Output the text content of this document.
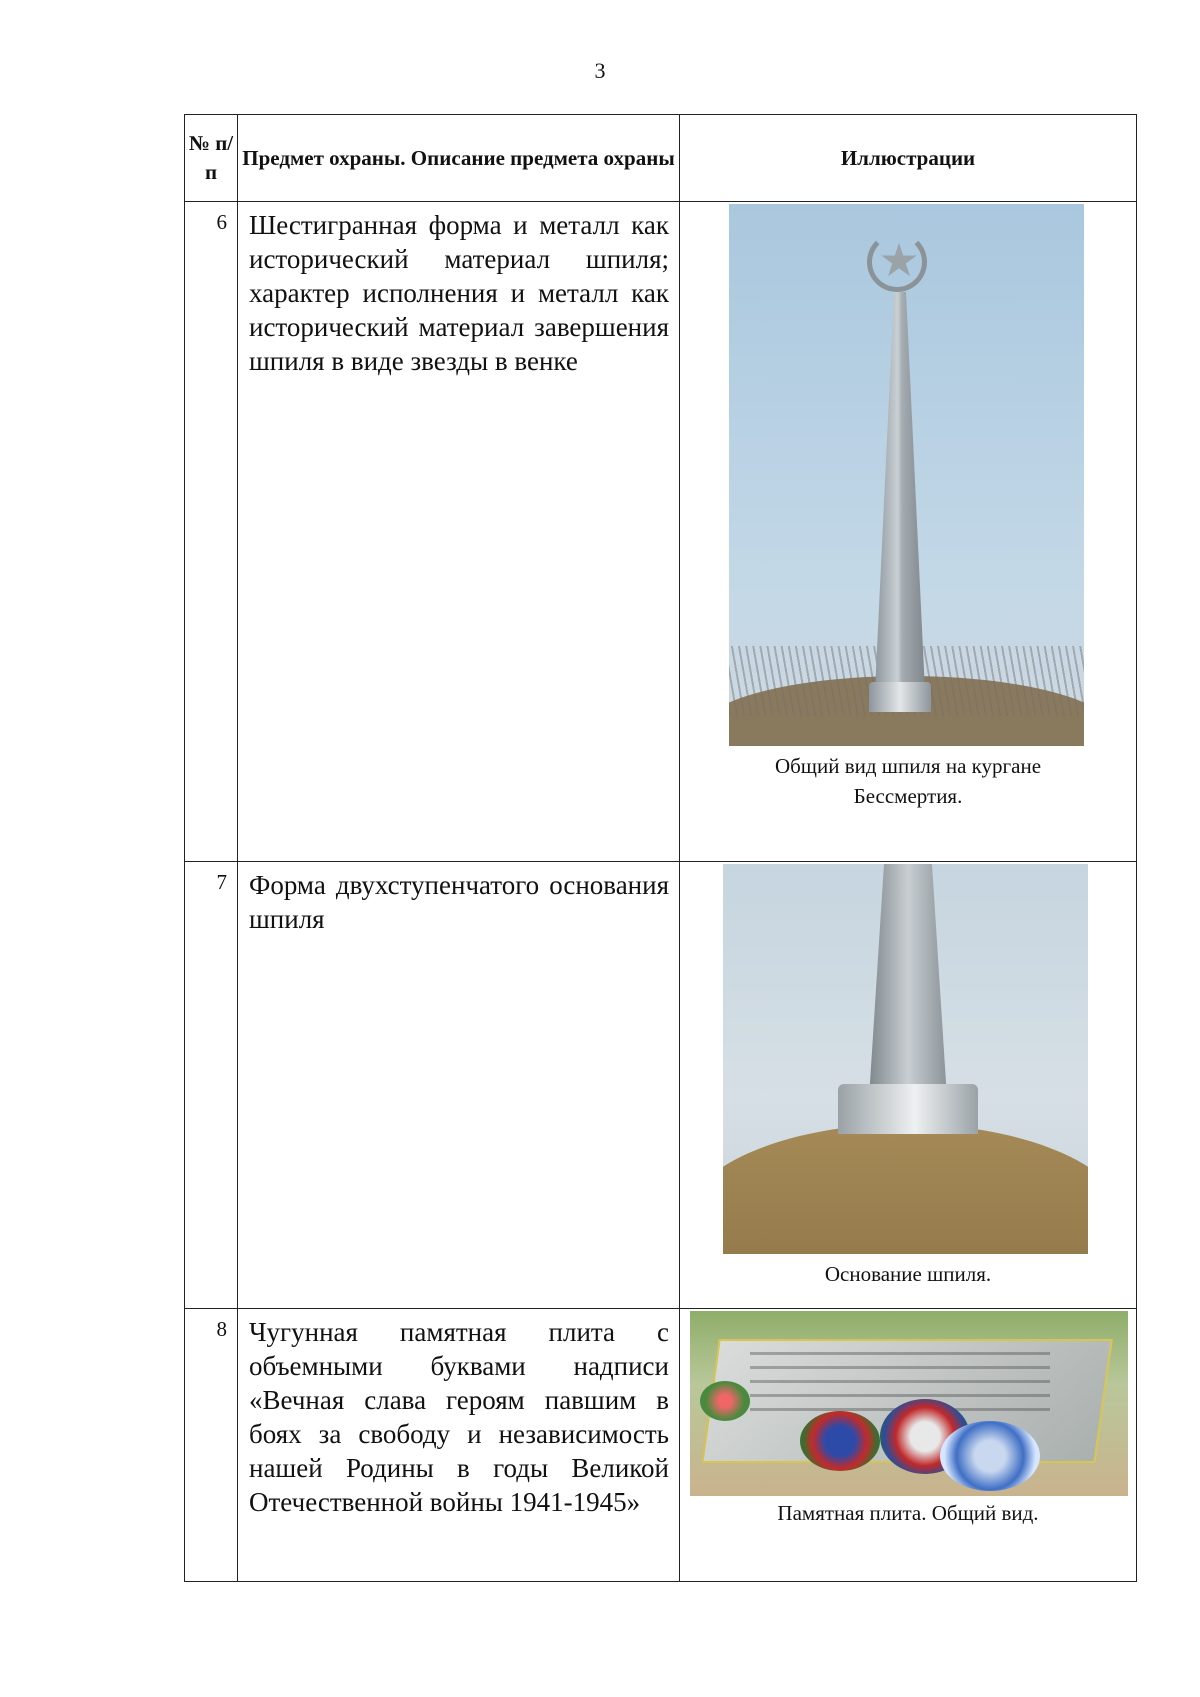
3
№ п/п	Предмет охраны. Описание предмета охраны	Иллюстрации
6	Шестигранная форма и металл как исторический материал шпиля; характер исполнения и металл как исторический материал завершения шпиля в виде звезды в венке	★
Общий вид шпиля на кургане Бессмертия.

7	Форма двухступенчатого основания шпиля	Основание шпиля.

8	Чугунная памятная плита с объемными буквами надписи «Вечная слава героям павшим в боях за свободу и независимость нашей Родины в годы Великой Отечественной войны 1941-1945»	Памятная плита. Общий вид.
